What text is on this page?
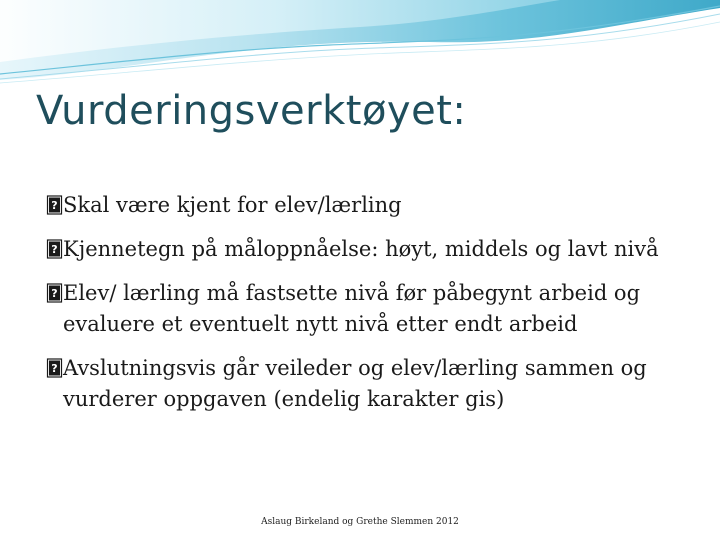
Vurderingsverktøyet:
? Skal være kjent for elev/lærling
? Kjennetegn på måloppnåelse: høyt, middels og lavt nivå
? Elev/ lærling må fastsette nivå før påbegynt arbeid og evaluere et eventuelt nytt nivå etter endt arbeid
? Avslutningsvis går veileder og elev/lærling sammen og vurderer oppgaven (endelig karakter gis)
Aslaug Birkeland og Grethe Slemmen 2012
